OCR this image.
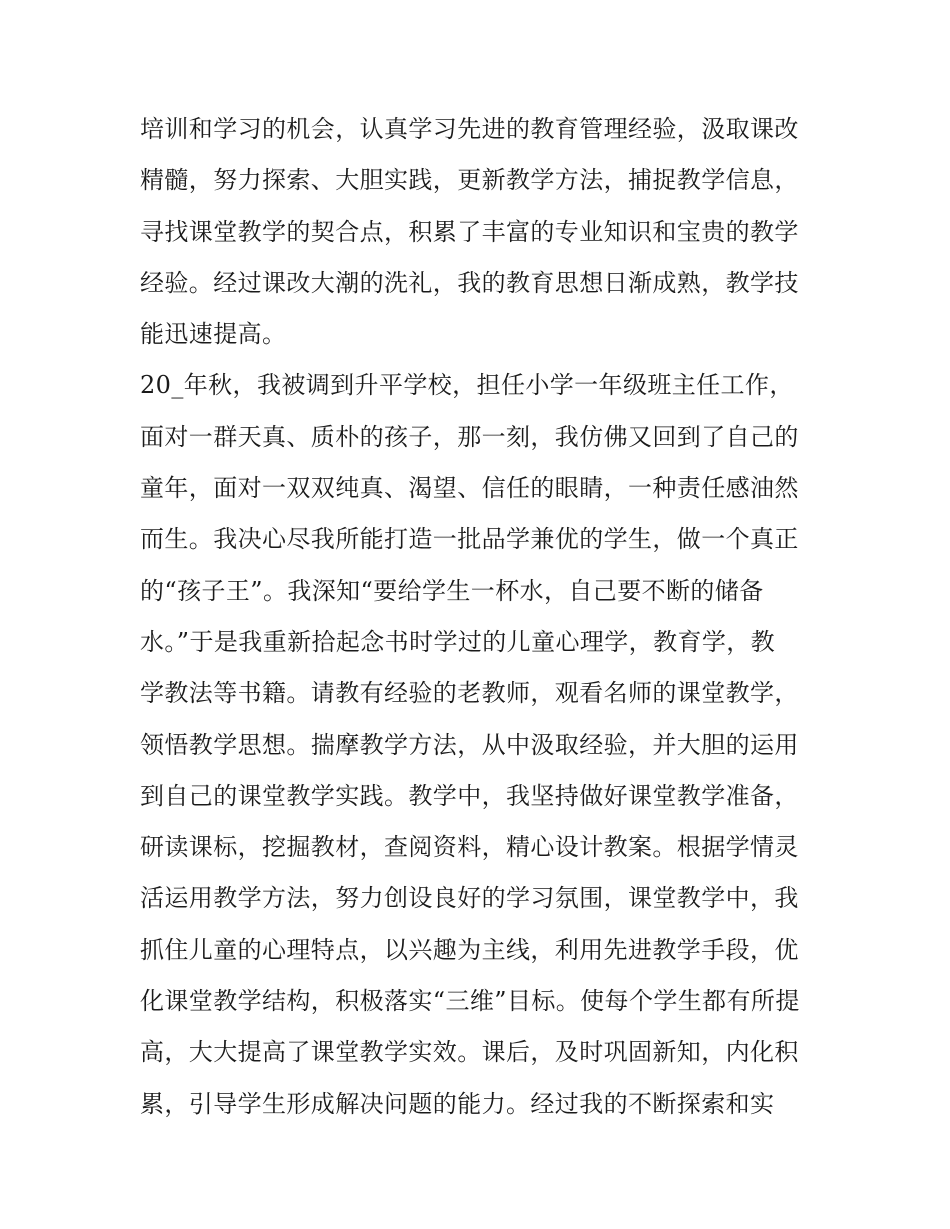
培训和学习的机会，认真学习先进的教育管理经验，汲取课改
精髓，努力探索、大胆实践，更新教学方法，捕捉教学信息，
寻找课堂教学的契合点，积累了丰富的专业知识和宝贵的教学
经验。经过课改大潮的洗礼，我的教育思想日渐成熟，教学技
能迅速提高。
20_年秋，我被调到升平学校，担任小学一年级班主任工作，
面对一群天真、质朴的孩子，那一刻，我仿佛又回到了自己的
童年，面对一双双纯真、渴望、信任的眼睛，一种责任感油然
而生。我决心尽我所能打造一批品学兼优的学生，做一个真正
的“孩子王”。我深知“要给学生一杯水，自己要不断的储备
水。”于是我重新拾起念书时学过的儿童心理学，教育学，教
学教法等书籍。请教有经验的老教师，观看名师的课堂教学，
领悟教学思想。揣摩教学方法，从中汲取经验，并大胆的运用
到自己的课堂教学实践。教学中，我坚持做好课堂教学准备，
研读课标，挖掘教材，查阅资料，精心设计教案。根据学情灵
活运用教学方法，努力创设良好的学习氛围，课堂教学中，我
抓住儿童的心理特点，以兴趣为主线，利用先进教学手段，优
化课堂教学结构，积极落实“三维”目标。使每个学生都有所提
高，大大提高了课堂教学实效。课后，及时巩固新知，内化积
累，引导学生形成解决问题的能力。经过我的不断探索和实
